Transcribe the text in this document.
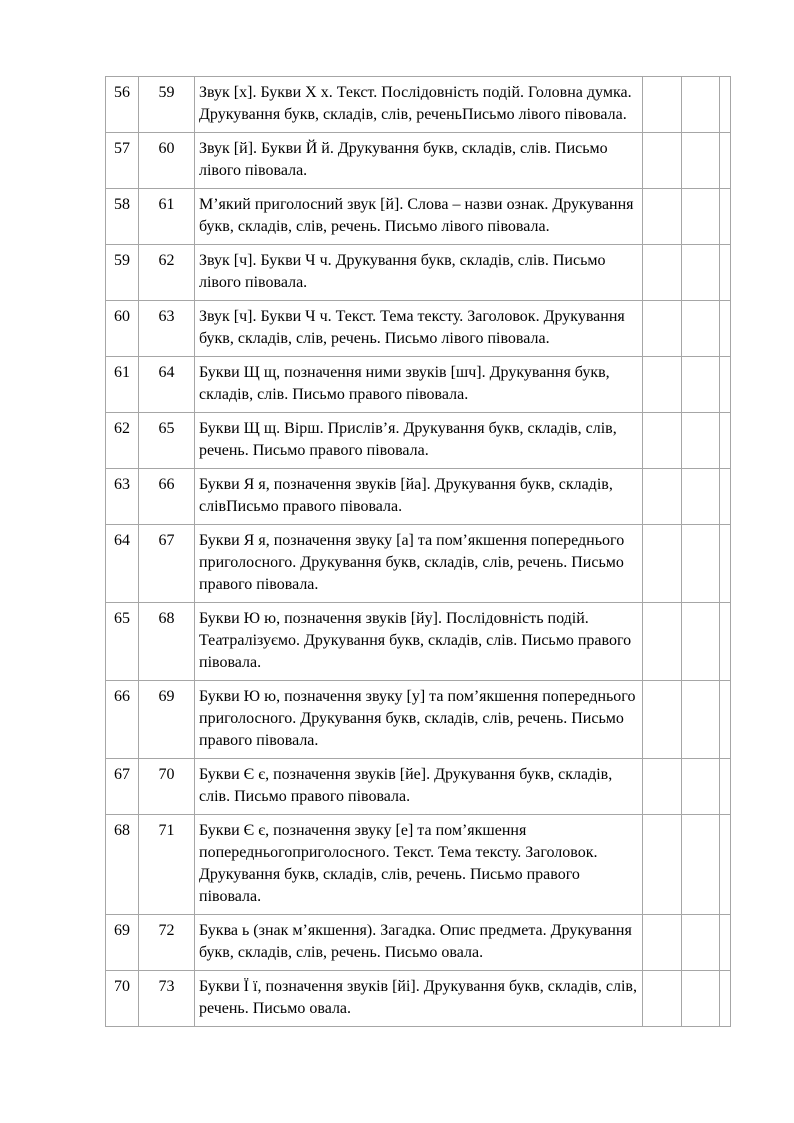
56	59	Звук [х]. Букви Х х. Текст. Послідовність подій. Головна думка. Друкування букв, складів, слів, реченьПисьмо лівого півовала.			
57	60	Звук [й]. Букви Й й. Друкування букв, складів, слів. Письмо лівого півовала.			
58	61	М’який приголосний звук [й]. Слова – назви ознак. Друкування букв, складів, слів, речень. Письмо лівого півовала.			
59	62	Звук [ч]. Букви Ч ч. Друкування букв, складів, слів. Письмо лівого півовала.			
60	63	Звук [ч]. Букви Ч ч. Текст. Тема тексту. Заголовок. Друкування букв, складів, слів, речень. Письмо лівого півовала.			
61	64	Букви Щ щ, позначення ними звуків [шч]. Друкування букв, складів, слів. Письмо правого півовала.			
62	65	Букви Щ щ. Вірш. Прислів’я. Друкування букв, складів, слів, речень. Письмо правого півовала.			
63	66	Букви Я я, позначення звуків [йа]. Друкування букв, складів, слівПисьмо правого півовала.			
64	67	Букви Я я, позначення звуку [а] та пом’якшення попереднього приголосного. Друкування букв, складів, слів, речень. Письмо правого півовала.			
65	68	Букви Ю ю, позначення звуків [йу]. Послідовність подій. Театралізуємо. Друкування букв, складів, слів. Письмо правого півовала.			
66	69	Букви Ю ю, позначення звуку [у] та пом’якшення попереднього приголосного. Друкування букв, складів, слів, речень. Письмо правого півовала.			
67	70	Букви Є є, позначення звуків [йе]. Друкування букв, складів, слів. Письмо правого півовала.			
68	71	Букви Є є, позначення звуку [е] та пом’якшення попередньогоприголосного. Текст. Тема тексту. Заголовок. Друкування букв, складів, слів, речень. Письмо правого півовала.			
69	72	Буква ь (знак м’якшення). Загадка. Опис предмета. Друкування букв, складів, слів, речень. Письмо овала.			
70	73	Букви Ї ї, позначення звуків [йі]. Друкування букв, складів, слів, речень. Письмо овала.			
